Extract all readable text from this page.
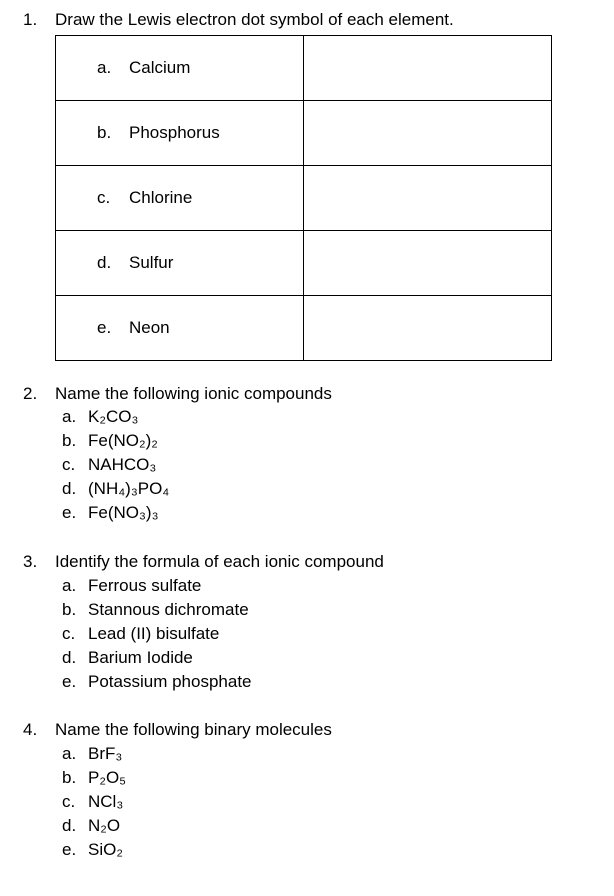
1. Draw the Lewis electron dot symbol of each element.
a. Calcium	
b. Phosphorus	
c. Chlorine	
d. Sulfur	
e. Neon	
2. Name the following ionic compounds
a. K₂CO₃
b. Fe(NO₂)₂
c. NAHCO₃
d. (NH₄)₃PO₄
e. Fe(NO₃)₃
3. Identify the formula of each ionic compound
a. Ferrous sulfate
b. Stannous dichromate
c. Lead (II) bisulfate
d. Barium Iodide
e. Potassium phosphate
4. Name the following binary molecules
a. BrF₃
b. P₂O₅
c. NCl₃
d. N₂O
e. SiO₂
